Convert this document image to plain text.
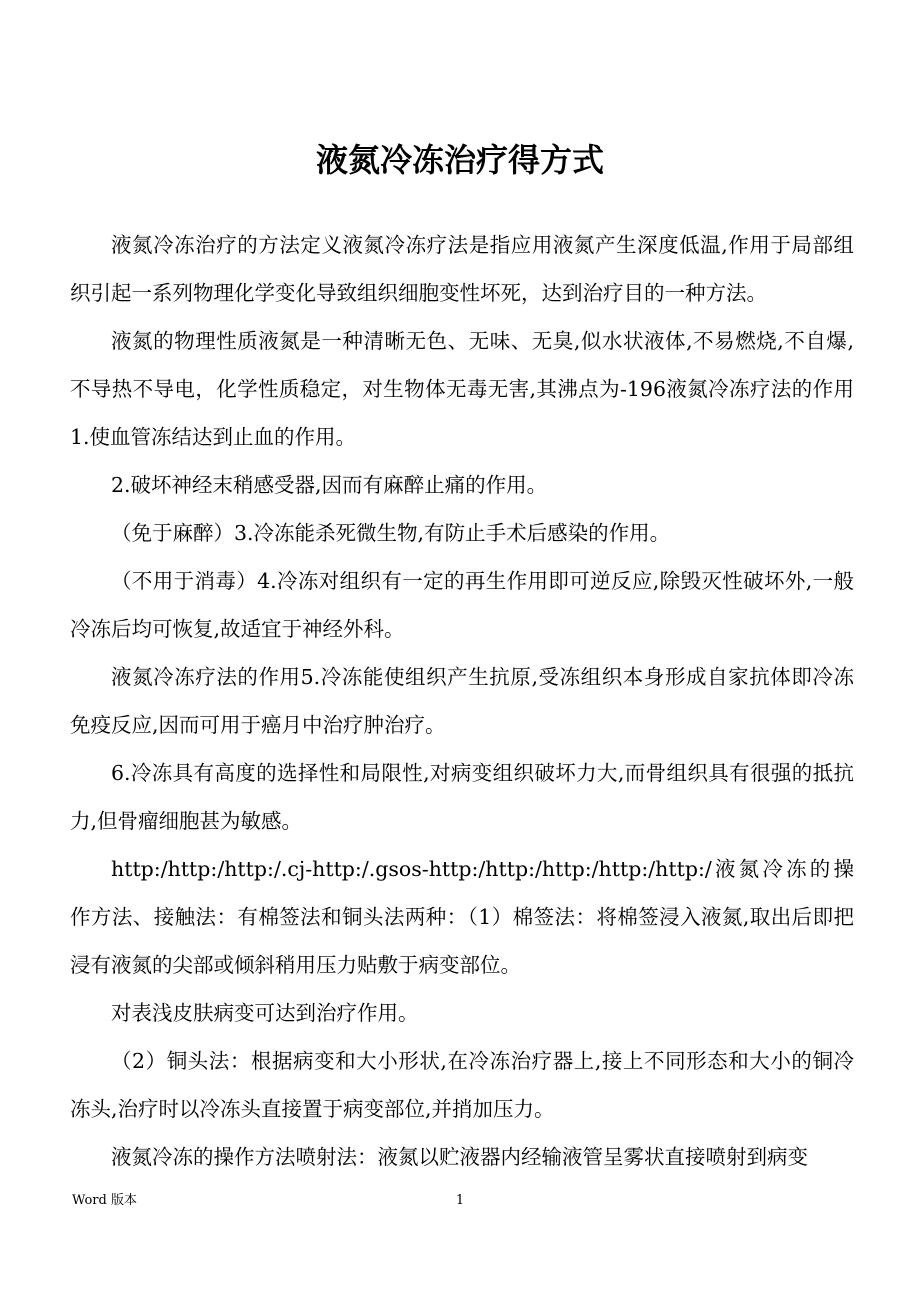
液氮冷冻治疗得方式

液氮冷冻治疗的方法定义液氮冷冻疗法是指应用液氮产生深度低温,作用于局部组织引起一系列物理化学变化导致组织细胞变性坏死，达到治疗目的一种方法。

液氮的物理性质液氮是一种清晰无色、无味、无臭,似水状液体,不易燃烧,不自爆,不导热不导电，化学性质稳定，对生物体无毒无害,其沸点为-196液氮冷冻疗法的作用1.使血管冻结达到止血的作用。

2.破坏神经末稍感受器,因而有麻醉止痛的作用。

（免于麻醉）3.冷冻能杀死微生物,有防止手术后感染的作用。

（不用于消毒）4.冷冻对组织有一定的再生作用即可逆反应,除毁灭性破坏外,一般冷冻后均可恢复,故适宜于神经外科。

液氮冷冻疗法的作用5.冷冻能使组织产生抗原,受冻组织本身形成自家抗体即冷冻免疫反应,因而可用于癌月中治疗肿治疗。

6.冷冻具有高度的选择性和局限性,对病变组织破坏力大,而骨组织具有很强的抵抗力,但骨瘤细胞甚为敏感。

http:/http:/http:/.cj-http:/.gsos-http:/http:/http:/http:/http:/液氮冷冻的操作方法、接触法：有棉签法和铜头法两种：（1）棉签法：将棉签浸入液氮,取出后即把浸有液氮的尖部或倾斜稍用压力贴敷于病变部位。

对表浅皮肤病变可达到治疗作用。

（2）铜头法：根据病变和大小形状,在冷冻治疗器上,接上不同形态和大小的铜冷冻头,治疗时以冷冻头直接置于病变部位,并捎加压力。

液氮冷冻的操作方法喷射法：液氮以贮液器内经输液管呈雾状直接喷射到病变

Word 版本	1
